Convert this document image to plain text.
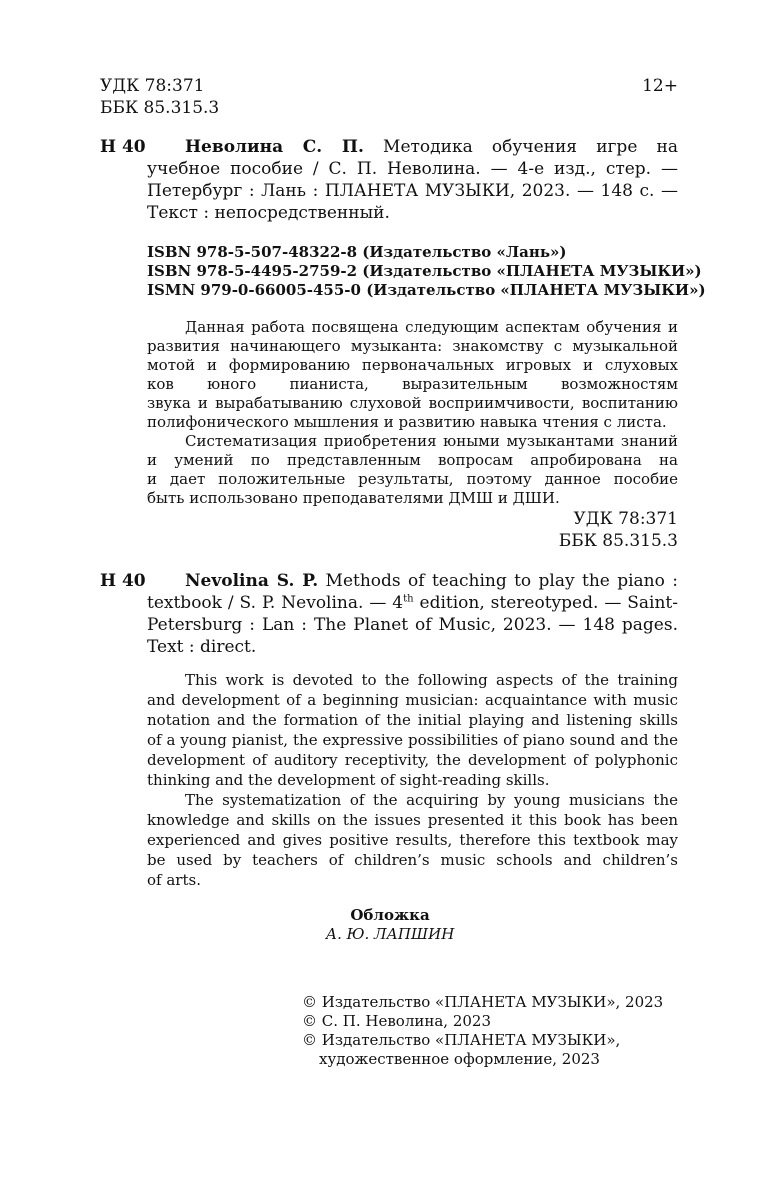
УДК 78:371
ББК 85.315.3
12+
Н 40 Неволина С. П. Методика обучения игре на
учебное пособие / С. П. Неволина. — 4-е изд., стер. —
Петербург : Лань : ПЛАНЕТА МУЗЫКИ, 2023. — 148 с. —
Текст : непосредственный.
ISBN 978-5-507-48322-8 (Издательство «Лань»)
ISBN 978-5-4495-2759-2 (Издательство «ПЛАНЕТА МУЗЫКИ»)
ISMN 979-0-66005-455-0 (Издательство «ПЛАНЕТА МУЗЫКИ»)
Данная работа посвящена следующим аспектам обучения и
развития начинающего музыканта: знакомству с музыкальной
мотой и формированию первоначальных игровых и слуховых
ков юного пианиста, выразительным возможностям
звука и вырабатыванию слуховой восприимчивости, воспитанию
полифонического мышления и развитию навыка чтения с листа.
Систематизация приобретения юными музыкантами знаний
и умений по представленным вопросам апробирована на
и дает положительные результаты, поэтому данное пособие
быть использовано преподавателями ДМШ и ДШИ.
УДК 78:371
ББК 85.315.3
Н 40 Nevolina S. P. Methods of teaching to play the piano :
textbook / S. P. Nevolina. — 4th edition, stereotyped. — Saint-
Petersburg : Lan : The Planet of Music, 2023. — 148 pages.
Text : direct.
This work is devoted to the following aspects of the training
and development of a beginning musician: acquaintance with music
notation and the formation of the initial playing and listening skills
of a young pianist, the expressive possibilities of piano sound and the
development of auditory receptivity, the development of polyphonic
thinking and the development of sight-reading skills.
The systematization of the acquiring by young musicians the
knowledge and skills on the issues presented it this book has been
experienced and gives positive results, therefore this textbook may
be used by teachers of children’s music schools and children’s
of arts.
Обложка
А. Ю. ЛАПШИН
© Издательство «ПЛАНЕТА МУЗЫКИ», 2023
© С. П. Неволина, 2023
© Издательство «ПЛАНЕТА МУЗЫКИ»,
художественное оформление, 2023
